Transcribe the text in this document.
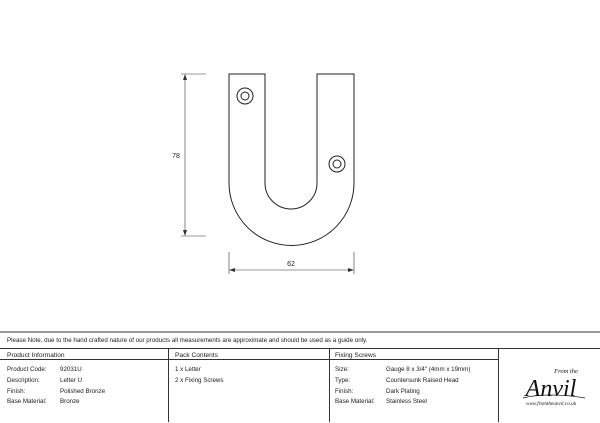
78
62
Please Note, due to the hand crafted nature of our products all measurements are approximate and should be used as a guide only.
Product Information	Pack Contents	Fixing Screws
Product Code: 92031U
Description:	Letter U
Finish:	Polished Bronze
Base Material: Bronze
1 x Letter
2 x Fixing Screws
Size:	Gauge 8 x 3/4" (4mm x 19mm)
Type:	Countersunk Raised Head
Finish:	Dark Plating
Base Material: Stainless Steel
From the
Anvil
www.fromtheanvil.co.uk
